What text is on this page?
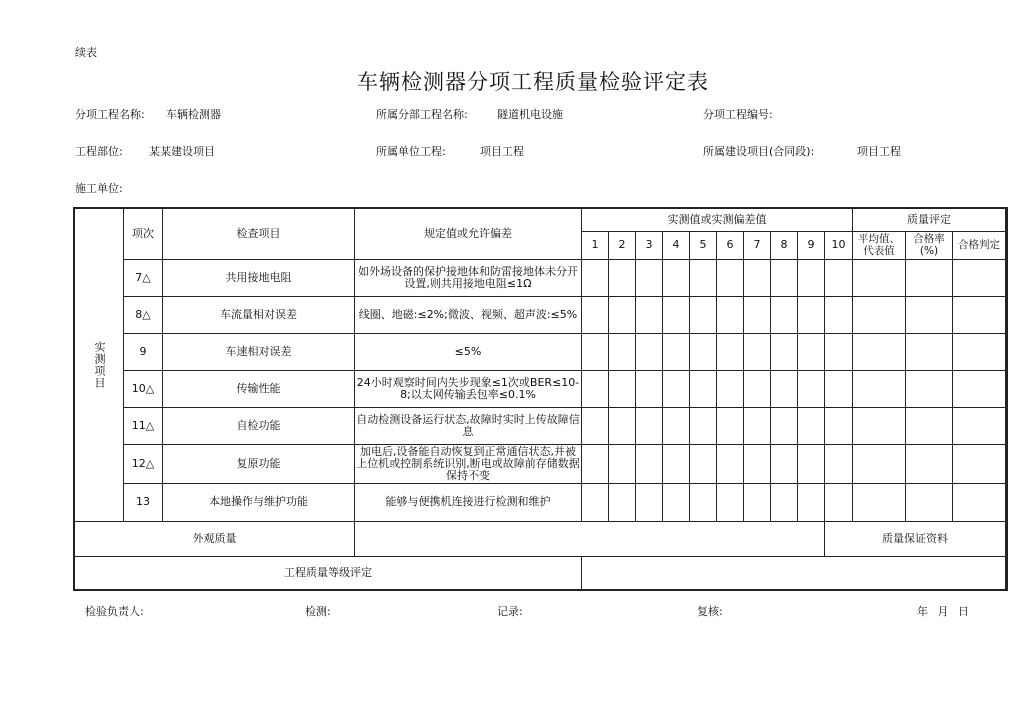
续表
车辆检测器分项工程质量检验评定表
分项工程名称: 车辆检测器	所属分部工程名称:	隧道机电设施	分项工程编号:
工程部位: 某某建设项目	所属单位工程:	项目工程	所属建设项目(合同段):	项目工程
施工单位:
实测项目	项次	检查项目	规定值或允许偏差	实测值或实测偏差值										质量评定			
				1	2	3	4	5	6	7	8	9	10	平均值、代表值	合格率(%)	合格判定	
	7△	共用接地电阻	如外场设备的保护接地体和防雷接地体未分开设置,则共用接地电阻≤1Ω														
	8△	车流量相对误差	线圈、地磁:≤2%;微波、视频、超声波:≤5%														
	9	车速相对误差	≤5%														
	10△	传输性能	24小时观察时间内失步现象≤1次或BER≤10-8;以太网传输丢包率≤0.1%														
	11△	自检功能	自动检测设备运行状态,故障时实时上传故障信息														
	12△	复原功能	加电后,设备能自动恢复到正常通信状态,并被上位机或控制系统识别,断电或故障前存储数据保持不变														
	13	本地操作与维护功能	能够与便携机连接进行检测和维护														
外观质量													质量保证资料				
工程质量等级评定																	
检验负责人:	检测:	记录:	复核:	年 月 日
